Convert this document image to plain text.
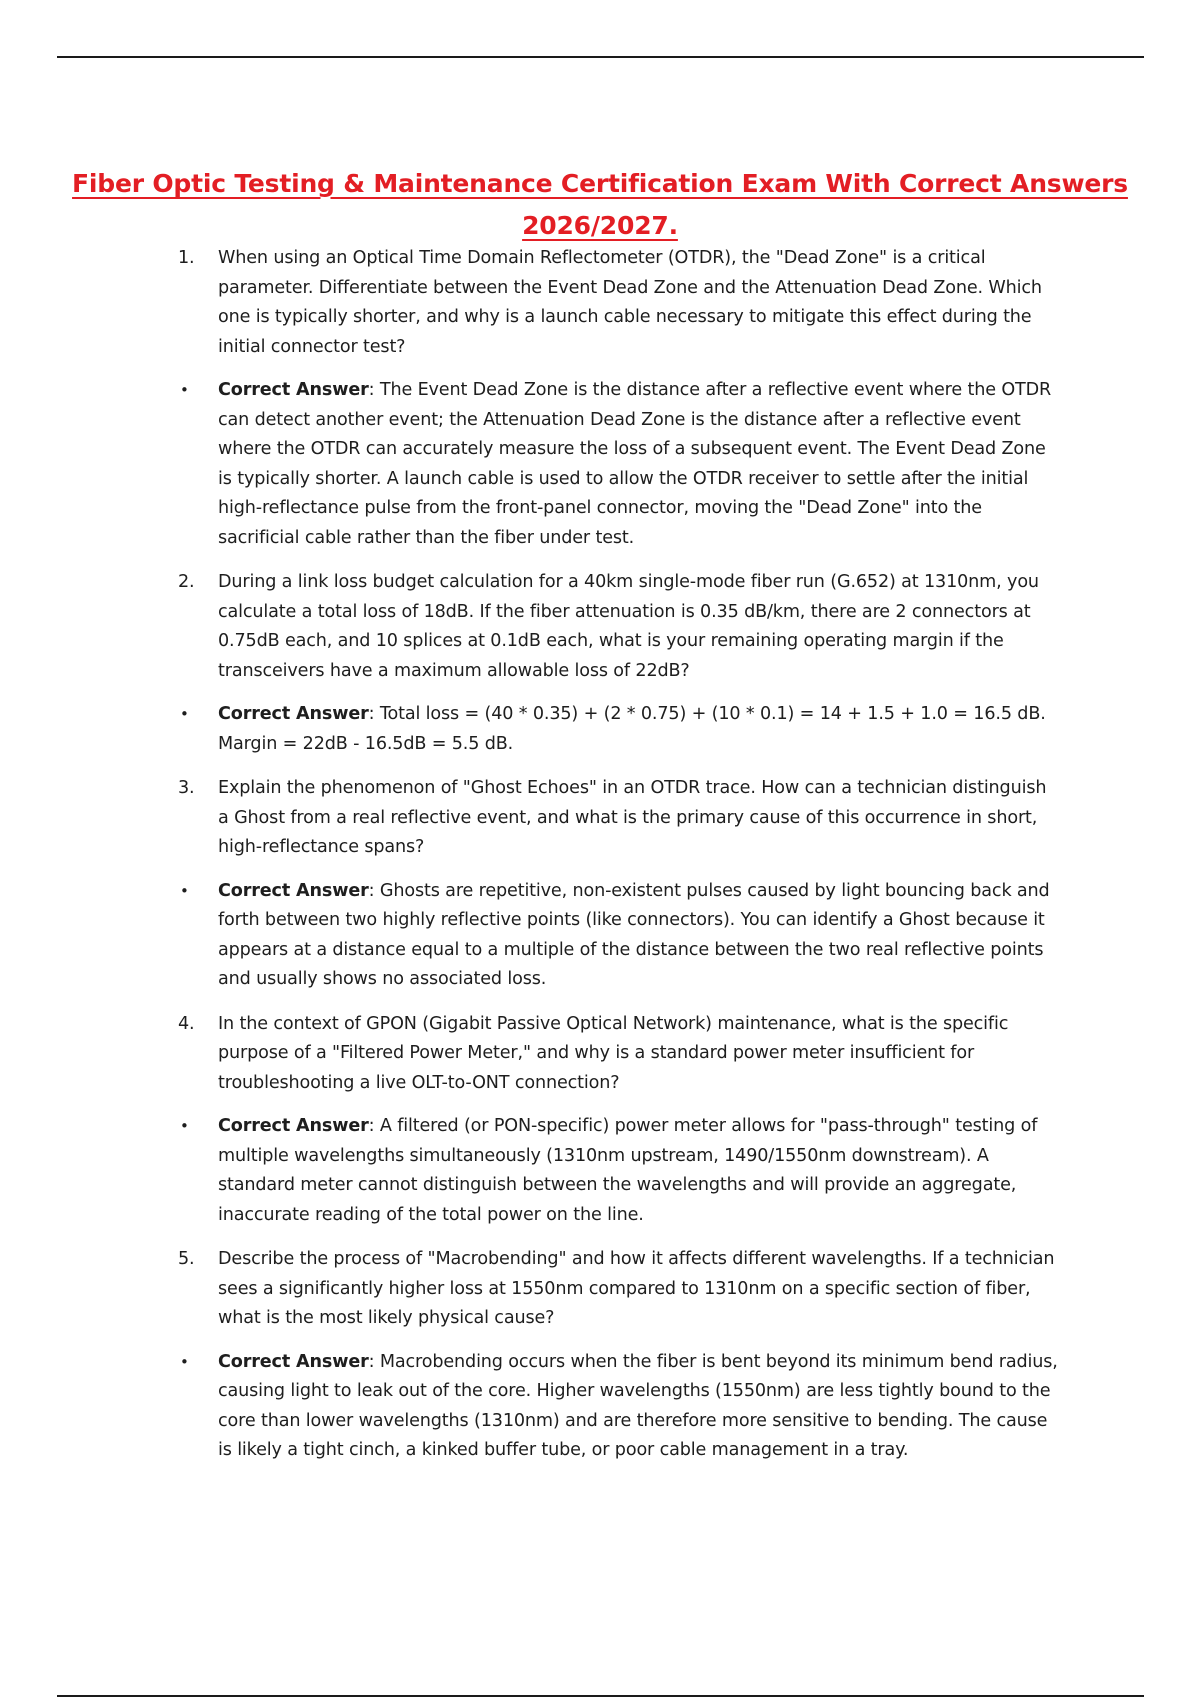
Fiber Optic Testing & Maintenance Certification Exam With Correct Answers 2026/2027.
1. When using an Optical Time Domain Reflectometer (OTDR), the "Dead Zone" is a critical parameter. Differentiate between the Event Dead Zone and the Attenuation Dead Zone. Which one is typically shorter, and why is a launch cable necessary to mitigate this effect during the initial connector test?
• Correct Answer: The Event Dead Zone is the distance after a reflective event where the OTDR can detect another event; the Attenuation Dead Zone is the distance after a reflective event where the OTDR can accurately measure the loss of a subsequent event. The Event Dead Zone is typically shorter. A launch cable is used to allow the OTDR receiver to settle after the initial high-reflectance pulse from the front-panel connector, moving the "Dead Zone" into the sacrificial cable rather than the fiber under test.
2. During a link loss budget calculation for a 40km single-mode fiber run (G.652) at 1310nm, you calculate a total loss of 18dB. If the fiber attenuation is 0.35 dB/km, there are 2 connectors at 0.75dB each, and 10 splices at 0.1dB each, what is your remaining operating margin if the transceivers have a maximum allowable loss of 22dB?
• Correct Answer: Total loss = (40 * 0.35) + (2 * 0.75) + (10 * 0.1) = 14 + 1.5 + 1.0 = 16.5 dB. Margin = 22dB - 16.5dB = 5.5 dB.
3. Explain the phenomenon of "Ghost Echoes" in an OTDR trace. How can a technician distinguish a Ghost from a real reflective event, and what is the primary cause of this occurrence in short, high-reflectance spans?
• Correct Answer: Ghosts are repetitive, non-existent pulses caused by light bouncing back and forth between two highly reflective points (like connectors). You can identify a Ghost because it appears at a distance equal to a multiple of the distance between the two real reflective points and usually shows no associated loss.
4. In the context of GPON (Gigabit Passive Optical Network) maintenance, what is the specific purpose of a "Filtered Power Meter," and why is a standard power meter insufficient for troubleshooting a live OLT-to-ONT connection?
• Correct Answer: A filtered (or PON-specific) power meter allows for "pass-through" testing of multiple wavelengths simultaneously (1310nm upstream, 1490/1550nm downstream). A standard meter cannot distinguish between the wavelengths and will provide an aggregate, inaccurate reading of the total power on the line.
5. Describe the process of "Macrobending" and how it affects different wavelengths. If a technician sees a significantly higher loss at 1550nm compared to 1310nm on a specific section of fiber, what is the most likely physical cause?
• Correct Answer: Macrobending occurs when the fiber is bent beyond its minimum bend radius, causing light to leak out of the core. Higher wavelengths (1550nm) are less tightly bound to the core than lower wavelengths (1310nm) and are therefore more sensitive to bending. The cause is likely a tight cinch, a kinked buffer tube, or poor cable management in a tray.
